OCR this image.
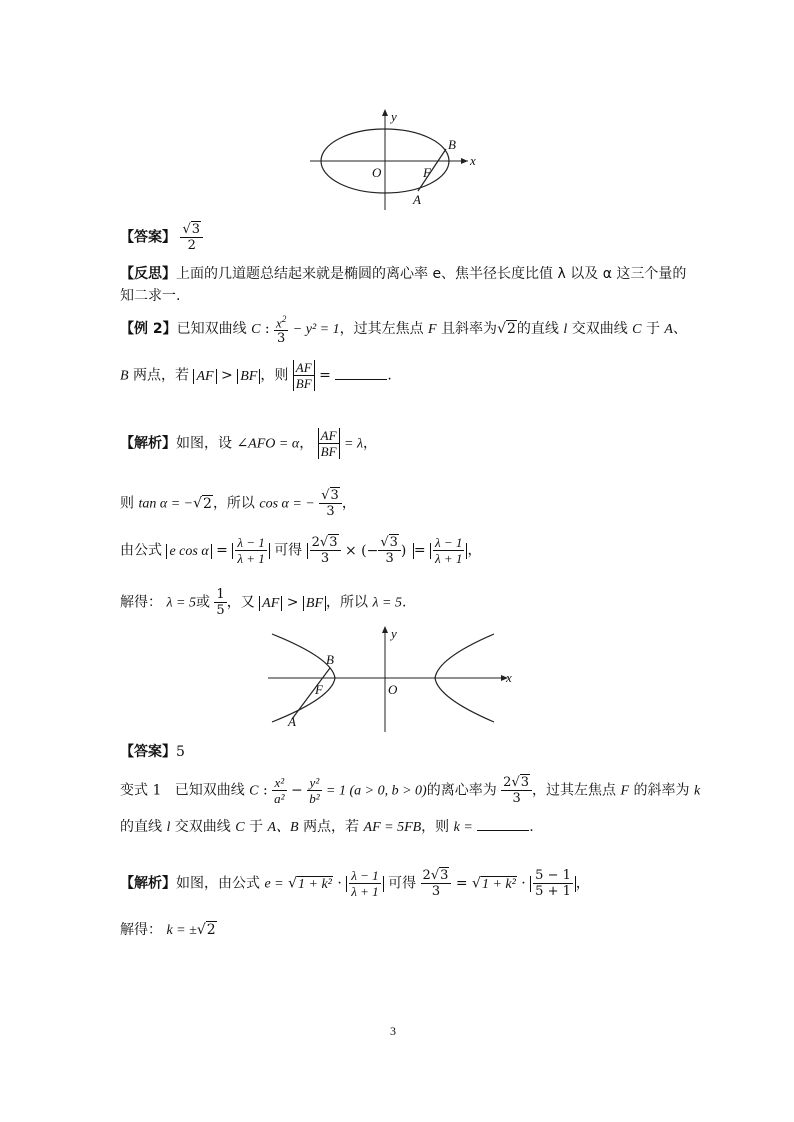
y
x
O
B
F
A
【答案】 $\frac{√3}{2}$
【反思】上面的几道题总结起来就是椭圆的离心率 e、焦半径长度比值 λ 以及 α 这三个量的
知二求一.
【例 2】已知双曲线 C : $\frac{x^2}{3} - y^2 = 1$，过其左焦点 F 且斜率为√2的直线 l 交双曲线 C 于 A、
B 两点，若 AF > BF ，则 $\frac{AF}{BF}$ =	.
【解析】如图，设 ∠AFO = α， $\frac{AF}{BF} = \lambda$，
则 tan α = −√2，所以 cos α = − $\frac{√3}{3}$ ，
由公式 e $\cos \alpha = \frac{\lambda - 1}{\lambda + 1}$ 可得 $\frac{2√3}{3}$ × (− $\frac{√3}{3}$ ) = $\frac{\lambda - 1}{\lambda + 1}$ ，
解得： λ = 5或 $\frac{1}{5}$ ，又 AF > BF ，所以 λ = 5.
y
x
O
B
F
A
【答案】5
变式 1 已知双曲线 C : $\frac{\text{x²}}{\text{a²}} - \frac{\text{y²}}{\text{b²}} = 1$ (a > 0, b > 0)的离心率为 $\frac{2√3}{3}$ ，过其左焦点 F 的斜率为 k
的直线 l 交双曲线 C 于 A、B 两点，若 AF = 5FB，则 k =	.
【解析】如图，由公式 $e = √1 + k^2 \cdot \frac{\lambda - 1}{\lambda + 1}$ 可得 $\frac{2√3}{3} = √1 + k^2 \cdot \frac{5 - 1}{5 + 1}$ ，
解得： k = ±√2
3
